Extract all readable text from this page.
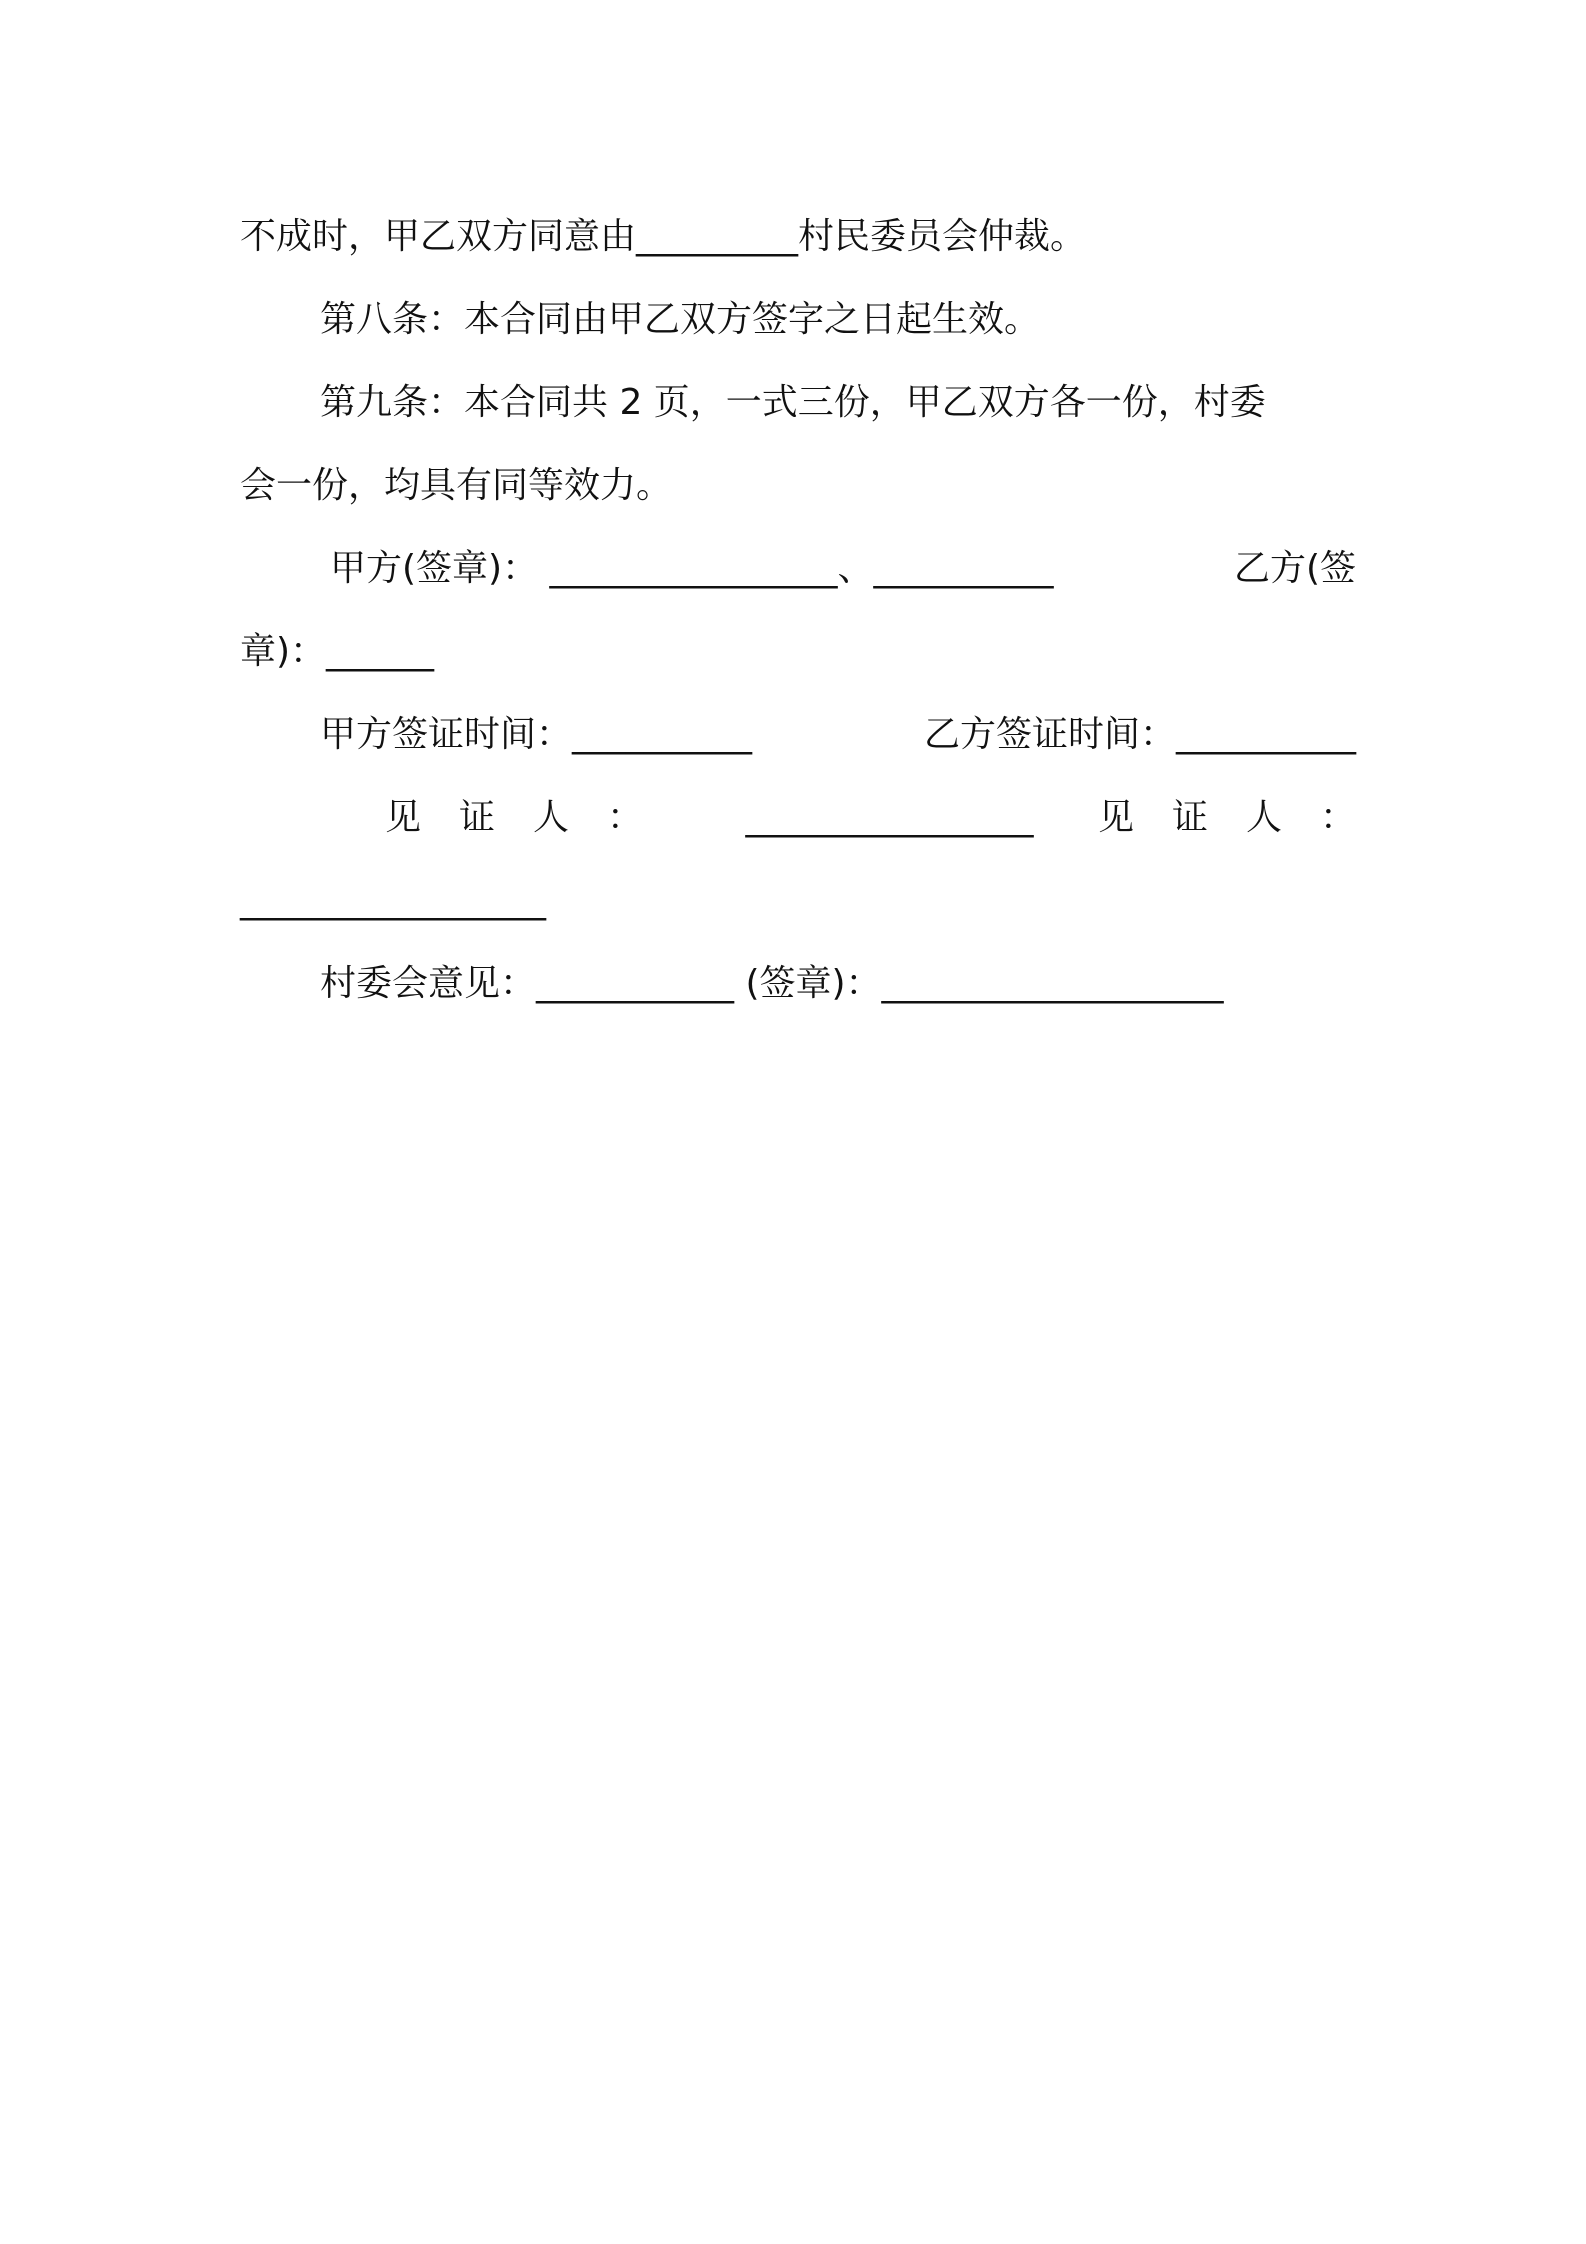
不成时，甲乙双方同意由_________村民委员会仲裁。
第八条：本合同由甲乙双方签字之日起生效。
第九条：本合同共 2 页，一式三份，甲乙双方各一份，村委
会一份，均具有同等效力。
甲方(签章)： ________________、__________	乙方(签
章)：______
甲方签证时间：__________	乙方签证时间：__________
见证人： ________________ 见证人：
_________________
村委会意见：___________ (签章)：___________________
